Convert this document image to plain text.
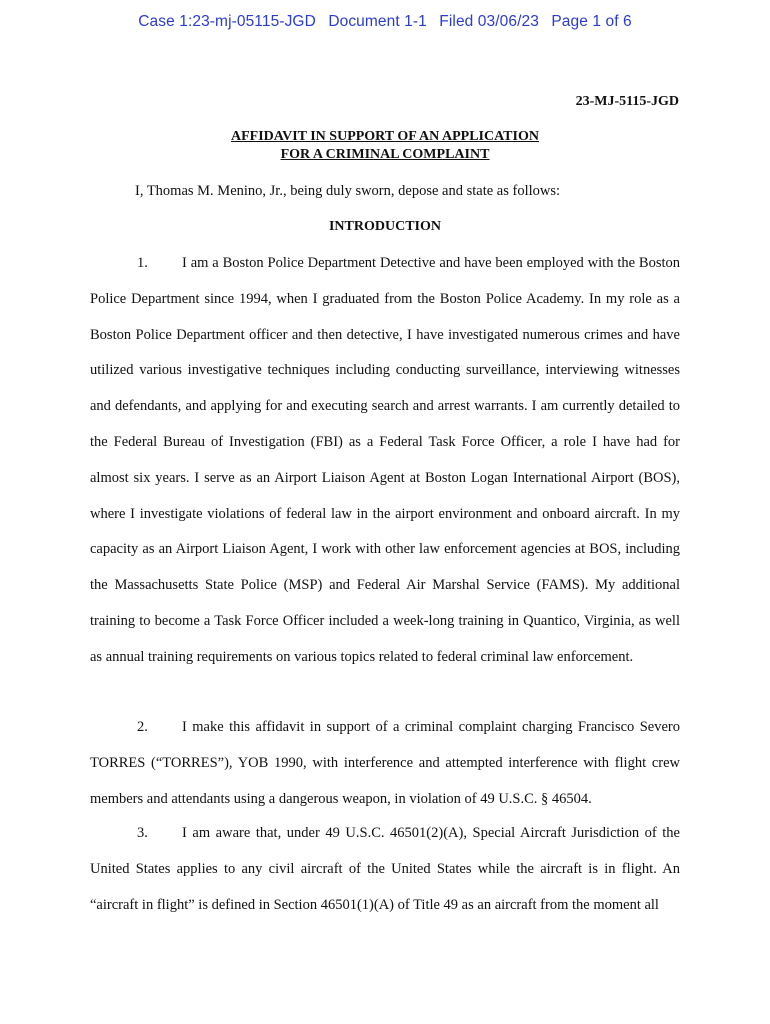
Case 1:23-mj-05115-JGD Document 1-1 Filed 03/06/23 Page 1 of 6
23-MJ-5115-JGD
AFFIDAVIT IN SUPPORT OF AN APPLICATION
FOR A CRIMINAL COMPLAINT
I, Thomas M. Menino, Jr., being duly sworn, depose and state as follows:
INTRODUCTION
1. I am a Boston Police Department Detective and have been employed with the Boston Police Department since 1994, when I graduated from the Boston Police Academy. In my role as a Boston Police Department officer and then detective, I have investigated numerous crimes and have utilized various investigative techniques including conducting surveillance, interviewing witnesses and defendants, and applying for and executing search and arrest warrants. I am currently detailed to the Federal Bureau of Investigation (FBI) as a Federal Task Force Officer, a role I have had for almost six years. I serve as an Airport Liaison Agent at Boston Logan International Airport (BOS), where I investigate violations of federal law in the airport environment and onboard aircraft. In my capacity as an Airport Liaison Agent, I work with other law enforcement agencies at BOS, including the Massachusetts State Police (MSP) and Federal Air Marshal Service (FAMS). My additional training to become a Task Force Officer included a week-long training in Quantico, Virginia, as well as annual training requirements on various topics related to federal criminal law enforcement.
2. I make this affidavit in support of a criminal complaint charging Francisco Severo TORRES (“TORRES”), YOB 1990, with interference and attempted interference with flight crew members and attendants using a dangerous weapon, in violation of 49 U.S.C. § 46504.
3. I am aware that, under 49 U.S.C. 46501(2)(A), Special Aircraft Jurisdiction of the United States applies to any civil aircraft of the United States while the aircraft is in flight. An “aircraft in flight” is defined in Section 46501(1)(A) of Title 49 as an aircraft from the moment all
